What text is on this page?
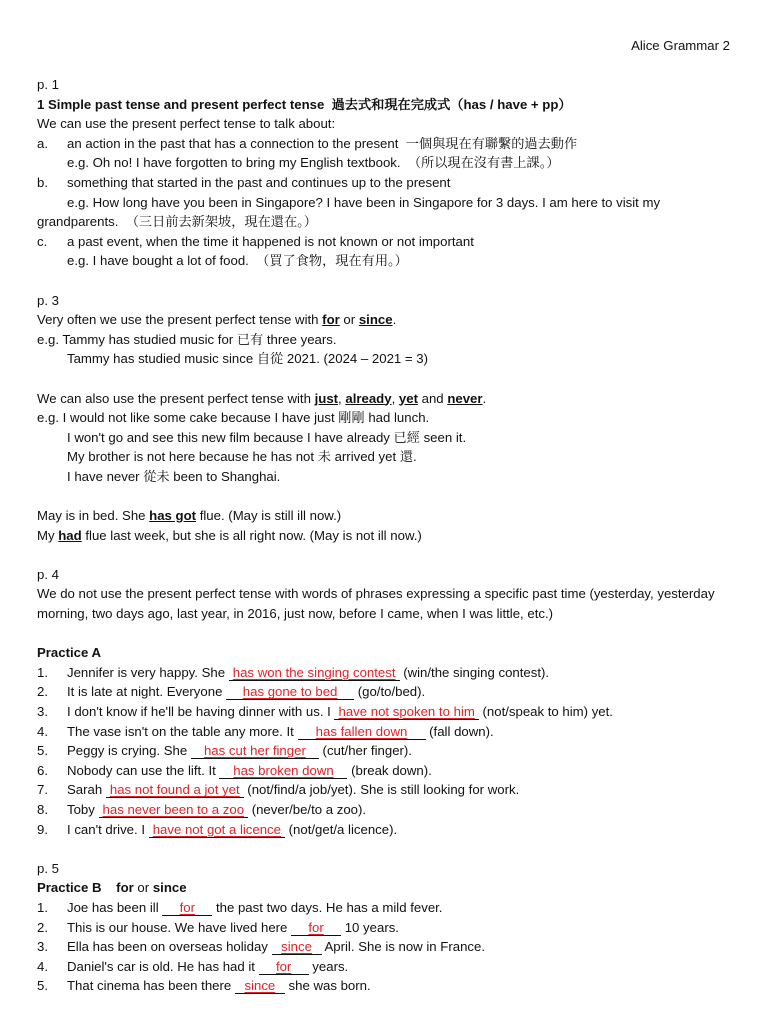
Alice Grammar 2
p. 1
1 Simple past tense and present perfect tense 過去式和現在完成式（has / have + pp）
We can use the present perfect tense to talk about:
a. an action in the past that has a connection to the present 一個與現在有聯繫的過去動作
e.g. Oh no! I have forgotten to bring my English textbook. （所以現在沒有書上課。）
b. something that started in the past and continues up to the present
e.g. How long have you been in Singapore? I have been in Singapore for 3 days. I am here to visit my
grandparents. （三日前去新架坡，現在還在。）
c. a past event, when the time it happened is not known or not important
e.g. I have bought a lot of food. （買了食物，現在有用。）
p. 3
Very often we use the present perfect tense with for or since.
e.g. Tammy has studied music for 已有 three years.
Tammy has studied music since 自從 2021. (2024 – 2021 = 3)
We can also use the present perfect tense with just, already, yet and never.
e.g. I would not like some cake because I have just 剛剛 had lunch.
I won't go and see this new film because I have already 已經 seen it.
My brother is not here because he has not 未 arrived yet 還.
I have never 從未 been to Shanghai.
May is in bed. She has got flue. (May is still ill now.)
My had flue last week, but she is all right now. (May is not ill now.)
p. 4
We do not use the present perfect tense with words of phrases expressing a specific past time (yesterday, yesterday morning, two days ago, last year, in 2016, just now, before I came, when I was little, etc.)
Practice A
1. Jennifer is very happy. She has won the singing contest (win/the singing contest).
2. It is late at night. Everyone has gone to bed (go/to/bed).
3. I don't know if he'll be having dinner with us. I have not spoken to him (not/speak to him) yet.
4. The vase isn't on the table any more. It has fallen down (fall down).
5. Peggy is crying. She has cut her finger (cut/her finger).
6. Nobody can use the lift. It has broken down (break down).
7. Sarah has not found a jot yet (not/find/a job/yet). She is still looking for work.
8. Toby has never been to a zoo (never/be/to a zoo).
9. I can't drive. I have not got a licence (not/get/a licence).
p. 5
Practice B for or since
1. Joe has been ill for the past two days. He has a mild fever.
2. This is our house. We have lived here for 10 years.
3. Ella has been on overseas holiday since April. She is now in France.
4. Daniel's car is old. He has had it for years.
5. That cinema has been there since she was born.
